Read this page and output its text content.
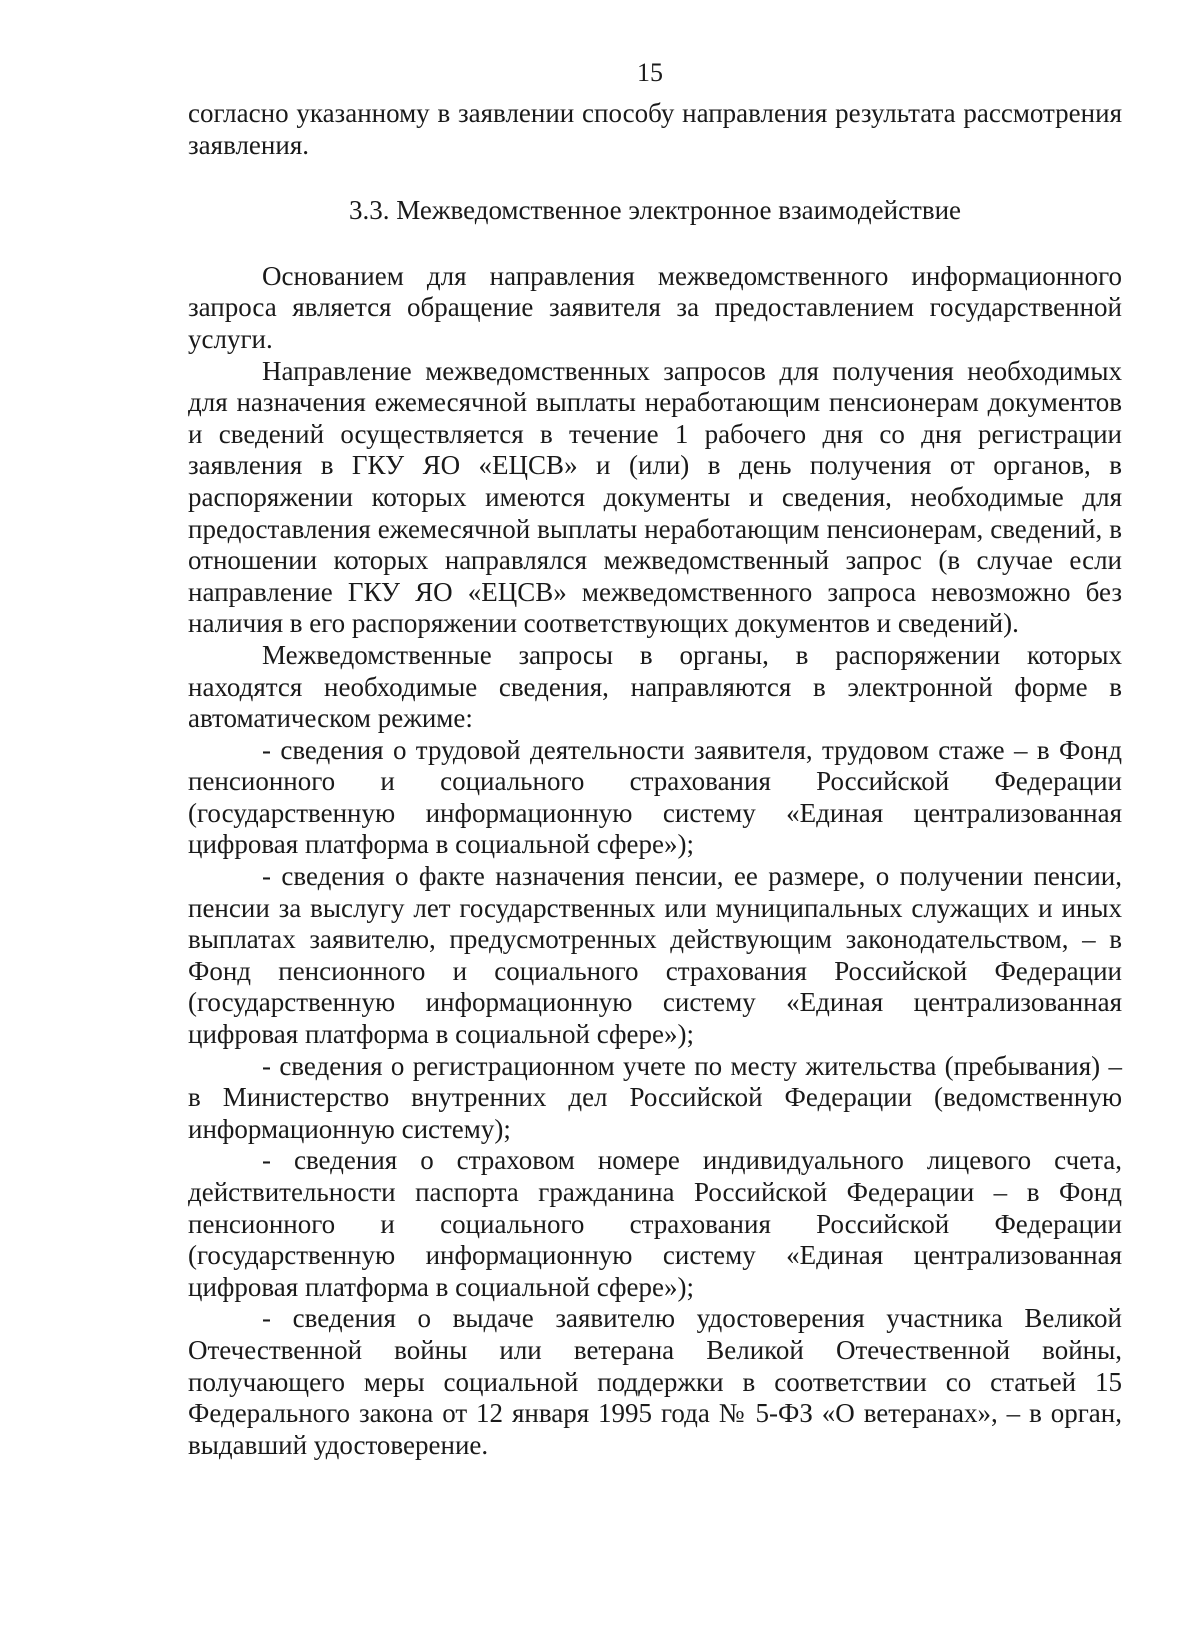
15

согласно указанному в заявлении способу направления результата рассмотрения заявления.

3.3. Межведомственное электронное взаимодействие

Основанием для направления межведомственного информационного запроса является обращение заявителя за предоставлением государственной услуги.

Направление межведомственных запросов для получения необходимых для назначения ежемесячной выплаты неработающим пенсионерам документов и сведений осуществляется в течение 1 рабочего дня со дня регистрации заявления в ГКУ ЯО «ЕЦСВ» и (или) в день получения от органов, в распоряжении которых имеются документы и сведения, необходимые для предоставления ежемесячной выплаты неработающим пенсионерам, сведений, в отношении которых направлялся межведомственный запрос (в случае если направление ГКУ ЯО «ЕЦСВ» межведомственного запроса невозможно без наличия в его распоряжении соответствующих документов и сведений).

Межведомственные запросы в органы, в распоряжении которых находятся необходимые сведения, направляются в электронной форме в автоматическом режиме:

- сведения о трудовой деятельности заявителя, трудовом стаже – в Фонд пенсионного и социального страхования Российской Федерации (государственную информационную систему «Единая централизованная цифровая платформа в социальной сфере»);

- сведения о факте назначения пенсии, ее размере, о получении пенсии, пенсии за выслугу лет государственных или муниципальных служащих и иных выплатах заявителю, предусмотренных действующим законодательством, – в Фонд пенсионного и социального страхования Российской Федерации (государственную информационную систему «Единая централизованная цифровая платформа в социальной сфере»);

- сведения о регистрационном учете по месту жительства (пребывания) – в Министерство внутренних дел Российской Федерации (ведомственную информационную систему);

- сведения о страховом номере индивидуального лицевого счета, действительности паспорта гражданина Российской Федерации – в Фонд пенсионного и социального страхования Российской Федерации (государственную информационную систему «Единая централизованная цифровая платформа в социальной сфере»);

- сведения о выдаче заявителю удостоверения участника Великой Отечественной войны или ветерана Великой Отечественной войны, получающего меры социальной поддержки в соответствии со статьей 15 Федерального закона от 12 января 1995 года № 5-ФЗ «О ветеранах», – в орган, выдавший удостоверение.
